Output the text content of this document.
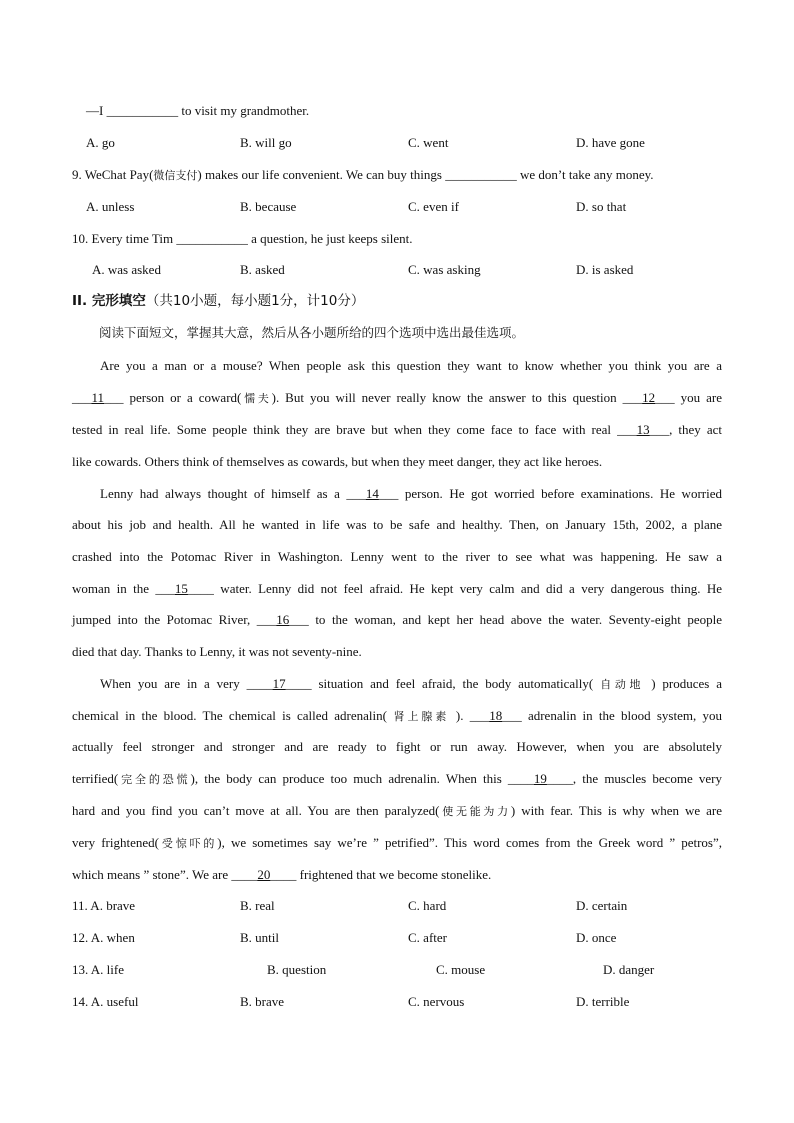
—I ___________ to visit my grandmother.
A. go	B. will go	C. went	D. have gone
9. WeChat Pay(微信支付) makes our life convenient. We can buy things ___________ we don’t take any money.
A. unless	B. because	C. even if	D. so that
10. Every time Tim ___________ a question, he just keeps silent.
A. was asked	B. asked	C. was asking	D. is asked
II. 完形填空（共10小题，每小题1分，计10分）
阅读下面短文，掌握其大意，然后从各小题所给的四个选项中选出最佳选项。
Are you a man or a mouse? When people ask this question they want to know whether you think you are a
___11___ person or a coward(懦夫). But you will never really know the answer to this question ___12___ you are
tested in real life. Some people think they are brave but when they come face to face with real ___13___, they act
like cowards. Others think of themselves as cowards, but when they meet danger, they act like heroes.
Lenny had always thought of himself as a ___14___ person. He got worried before examinations. He worried
about his job and health. All he wanted in life was to be safe and healthy. Then, on January 15th, 2002, a plane
crashed into the Potomac River in Washington. Lenny went to the river to see what was happening. He saw a
woman in the ___15____ water. Lenny did not feel afraid. He kept very calm and did a very dangerous thing. He
jumped into the Potomac River, ___16___ to the woman, and kept her head above the water. Seventy-eight people
died that day. Thanks to Lenny, it was not seventy-nine.
When you are in a very ____17____ situation and feel afraid, the body automatically( 自动地 ) produces a
chemical in the blood. The chemical is called adrenalin( 肾上腺素 ). ___18___ adrenalin in the blood system, you
actually feel stronger and stronger and are ready to fight or run away. However, when you are absolutely
terrified(完全的恐慌), the body can produce too much adrenalin. When this ____19____, the muscles become very
hard and you find you can’t move at all. You are then paralyzed(使无能为力) with fear. This is why when we are
very frightened(受惊吓的), we sometimes say we’re ” petrified”. This word comes from the Greek word ” petros”,
which means ” stone”. We are ____20____ frightened that we become stonelike.
11. A. brave	B. real	C. hard	D. certain
12. A. when	B. until	C. after	D. once
13. A. life	B. question	C. mouse	D. danger
14. A. useful	B. brave	C. nervous	D. terrible
